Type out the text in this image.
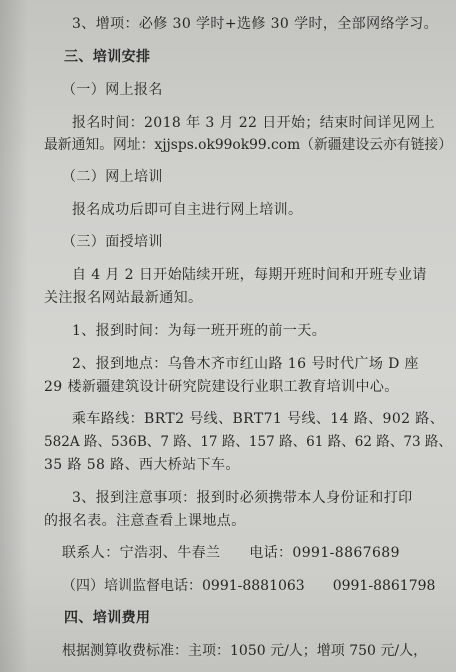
3、增项：必修 30 学时+选修 30 学时，全部网络学习。
三、培训安排
（一）网上报名
报名时间：2018 年 3 月 22 日开始；结束时间详见网上
最新通知。网址：xjjsps.ok99ok99.com（新疆建设云亦有链接）
（二）网上培训
报名成功后即可自主进行网上培训。
（三）面授培训
自 4 月 2 日开始陆续开班，每期开班时间和开班专业请
关注报名网站最新通知。
1、报到时间：为每一班开班的前一天。
2、报到地点：乌鲁木齐市红山路 16 号时代广场 D 座
29 楼新疆建筑设计研究院建设行业职工教育培训中心。
乘车路线：BRT2 号线、BRT71 号线、14 路、902 路、
582A 路、536B、7 路、17 路、157 路、61 路、62 路、73 路、
35 路 58 路、西大桥站下车。
3、报到注意事项：报到时必须携带本人身份证和打印
的报名表。注意查看上课地点。
联系人：宁浩羽、牛春兰　　电话：0991-8867689
（四）培训监督电话：0991-8881063　　0991-8861798
四、培训费用
根据测算收费标准：主项：1050 元/人；增项 750 元/人，
